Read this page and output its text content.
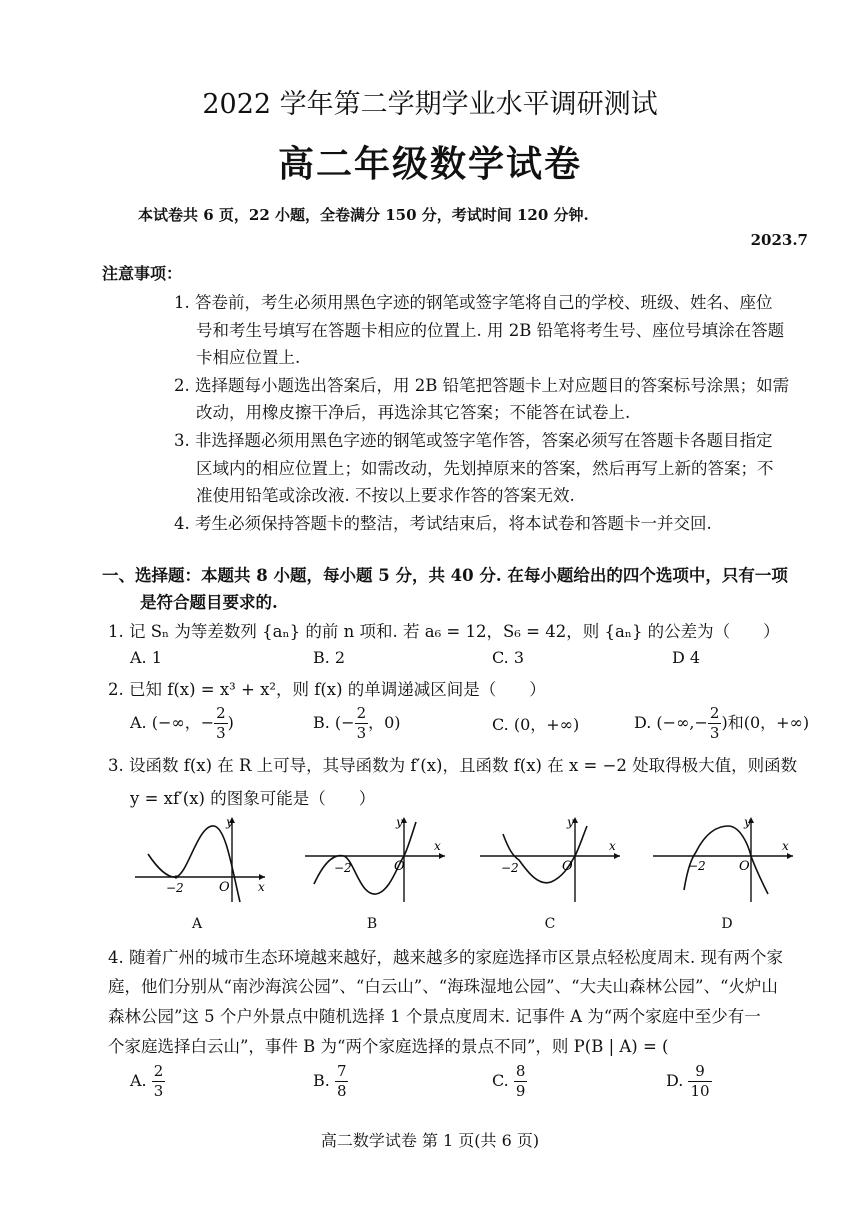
2022 学年第二学期学业水平调研测试
高二年级数学试卷
本试卷共 6 页，22 小题，全卷满分 150 分，考试时间 120 分钟.
2023.7
注意事项：
1. 答卷前，考生必须用黑色字迹的钢笔或签字笔将自己的学校、班级、姓名、座位
号和考生号填写在答题卡相应的位置上. 用 2B 铅笔将考生号、座位号填涂在答题
卡相应位置上.
2. 选择题每小题选出答案后，用 2B 铅笔把答题卡上对应题目的答案标号涂黑；如需
改动，用橡皮擦干净后，再选涂其它答案；不能答在试卷上.
3. 非选择题必须用黑色字迹的钢笔或签字笔作答，答案必须写在答题卡各题目指定
区域内的相应位置上；如需改动，先划掉原来的答案，然后再写上新的答案；不
准使用铅笔或涂改液. 不按以上要求作答的答案无效.
4. 考生必须保持答题卡的整洁，考试结束后，将本试卷和答题卡一并交回.
一、选择题：本题共 8 小题，每小题 5 分，共 40 分. 在每小题给出的四个选项中，只有一项
是符合题目要求的.
1. 记 Sₙ 为等差数列 {aₙ} 的前 n 项和. 若 a₆ = 12，S₆ = 42，则 {aₙ} 的公差为（　　）
A. 1	B. 2	C. 3	D 4
2. 已知 f(x) = x³ + x²，则 f(x) 的单调递减区间是（　　）
A. (−∞，− $\frac{2}{3}$ )	B. (− $\frac{2}{3}$ ，0)	C. (0，+∞)	D. (−∞,− $\frac{2}{3}$ )和(0，+∞)
3. 设函数 f(x) 在 R 上可导，其导函数为 f′(x)，且函数 f(x) 在 x = −2 处取得极大值，则函数
y = xf′(x) 的图象可能是（　　）
y
x
O
−2
A
y
x
O
−2
B
y
x
O
−2
C
y
x
O
−2
D
4. 随着广州的城市生态环境越来越好，越来越多的家庭选择市区景点轻松度周末. 现有两个家
庭，他们分别从“南沙海滨公园”、“白云山”、“海珠湿地公园”、“大夫山森林公园”、“火炉山
森林公园”这 5 个户外景点中随机选择 1 个景点度周末. 记事件 A 为“两个家庭中至少有一
个家庭选择白云山”，事件 B 为“两个家庭选择的景点不同”，则 P(B | A) = (
A. $\frac{2}{3}$	B. $\frac{7}{8}$	C. $\frac{8}{9}$	D. $\frac{9}{10}$
高二数学试卷 第 1 页(共 6 页)
